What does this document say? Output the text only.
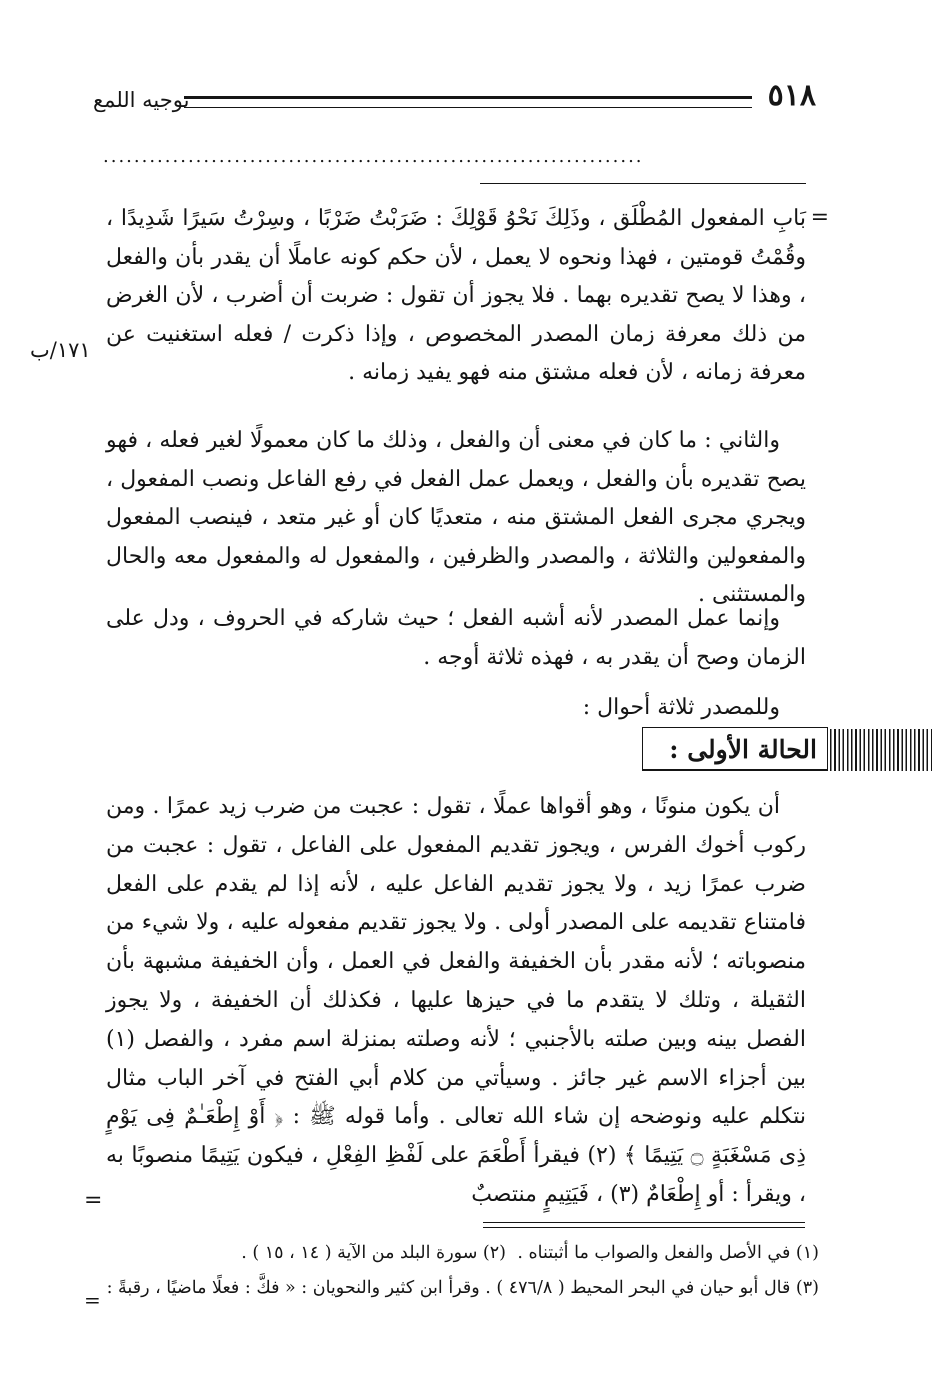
٥١٨
توجيه اللمع
......................................................................
=
١٧١/ب

بَابِ المفعول المُطْلَق ، وذَلِكَ نَحْوُ قَوْلِكَ : ضَرَبْتُ ضَرْبًا ، وسِرْتُ سَيرًا شَدِيدًا ، وقُمْتُ قومتين ، فهذا ونحوه لا يعمل ، لأن حكم كونه عاملًا أن يقدر بأن والفعل ، وهذا لا يصح تقديره بهما . فلا يجوز أن تقول : ضربت أن أضرب ، لأن الغرض من ذلك معرفة زمان المصدر المخصوص ، وإذا ذكرت / فعله استغنيت عن معرفة زمانه ، لأن فعله مشتق منه فهو يفيد زمانه .

والثاني : ما كان في معنى أن والفعل ، وذلك ما كان معمولًا لغير فعله ، فهو يصح تقديره بأن والفعل ، ويعمل عمل الفعل في رفع الفاعل ونصب المفعول ، ويجري مجرى الفعل المشتق منه ، متعديًا كان أو غير متعد ، فينصب المفعول والمفعولين والثلاثة ، والمصدر والظرفين ، والمفعول له والمفعول معه والحال والمستثنى .

وإنما عمل المصدر لأنه أشبه الفعل ؛ حيث شاركه في الحروف ، ودل على الزمان وصح أن يقدر به ، فهذه ثلاثة أوجه .

وللمصدر ثلاثة أحوال :

الحالة الأولى :

أن يكون منونًا ، وهو أقواها عملًا ، تقول : عجبت من ضرب زيد عمرًا . ومن ركوب أخوك الفرس ، ويجوز تقديم المفعول على الفاعل ، تقول : عجبت من ضرب عمرًا زيد ، ولا يجوز تقديم الفاعل عليه ، لأنه إذا لم يقدم على الفعل فامتناع تقديمه على المصدر أولى . ولا يجوز تقديم مفعوله عليه ، ولا شيء من منصوباته ؛ لأنه مقدر بأن الخفيفة والفعل في العمل ، وأن الخفيفة مشبهة بأن الثقيلة ، وتلك لا يتقدم ما في حيزها عليها ، فكذلك أن الخفيفة ، ولا يجوز الفصل بينه وبين صلته بالأجنبي ؛ لأنه وصلته بمنزلة اسم مفرد ، والفصل (١) بين أجزاء الاسم غير جائز . وسيأتي من كلام أبي الفتح في آخر الباب مثال نتكلم عليه ونوضحه إن شاء الله تعالى . وأما قوله ﷺ : ﴿ أَوْ إِطْعَـٰمٌ فِى يَوْمٍ ذِى مَسْغَبَةٍ ۝ يَتِيمًا ﴾ (٢) فيقرأ أَطْعَمَ على لَفْظِ الفِعْلِ ، فيكون يَتِيمًا منصوبًا به ، ويقرأ : أو إِطْعَامٌ (٣) ، فَيَتِيمٍ منتصبٌ

=
(١) في الأصل والفعل والصواب ما أثبتناه .
(٢) سورة البلد من الآية ( ١٤ ، ١٥ ) .
(٣) قال أبو حيان في البحر المحيط ( ٤٧٦/٨ ) . وقرأ ابن كثير والنحويان : « فكَّ : فعلًا ماضيًا ، رقبةً :
=
